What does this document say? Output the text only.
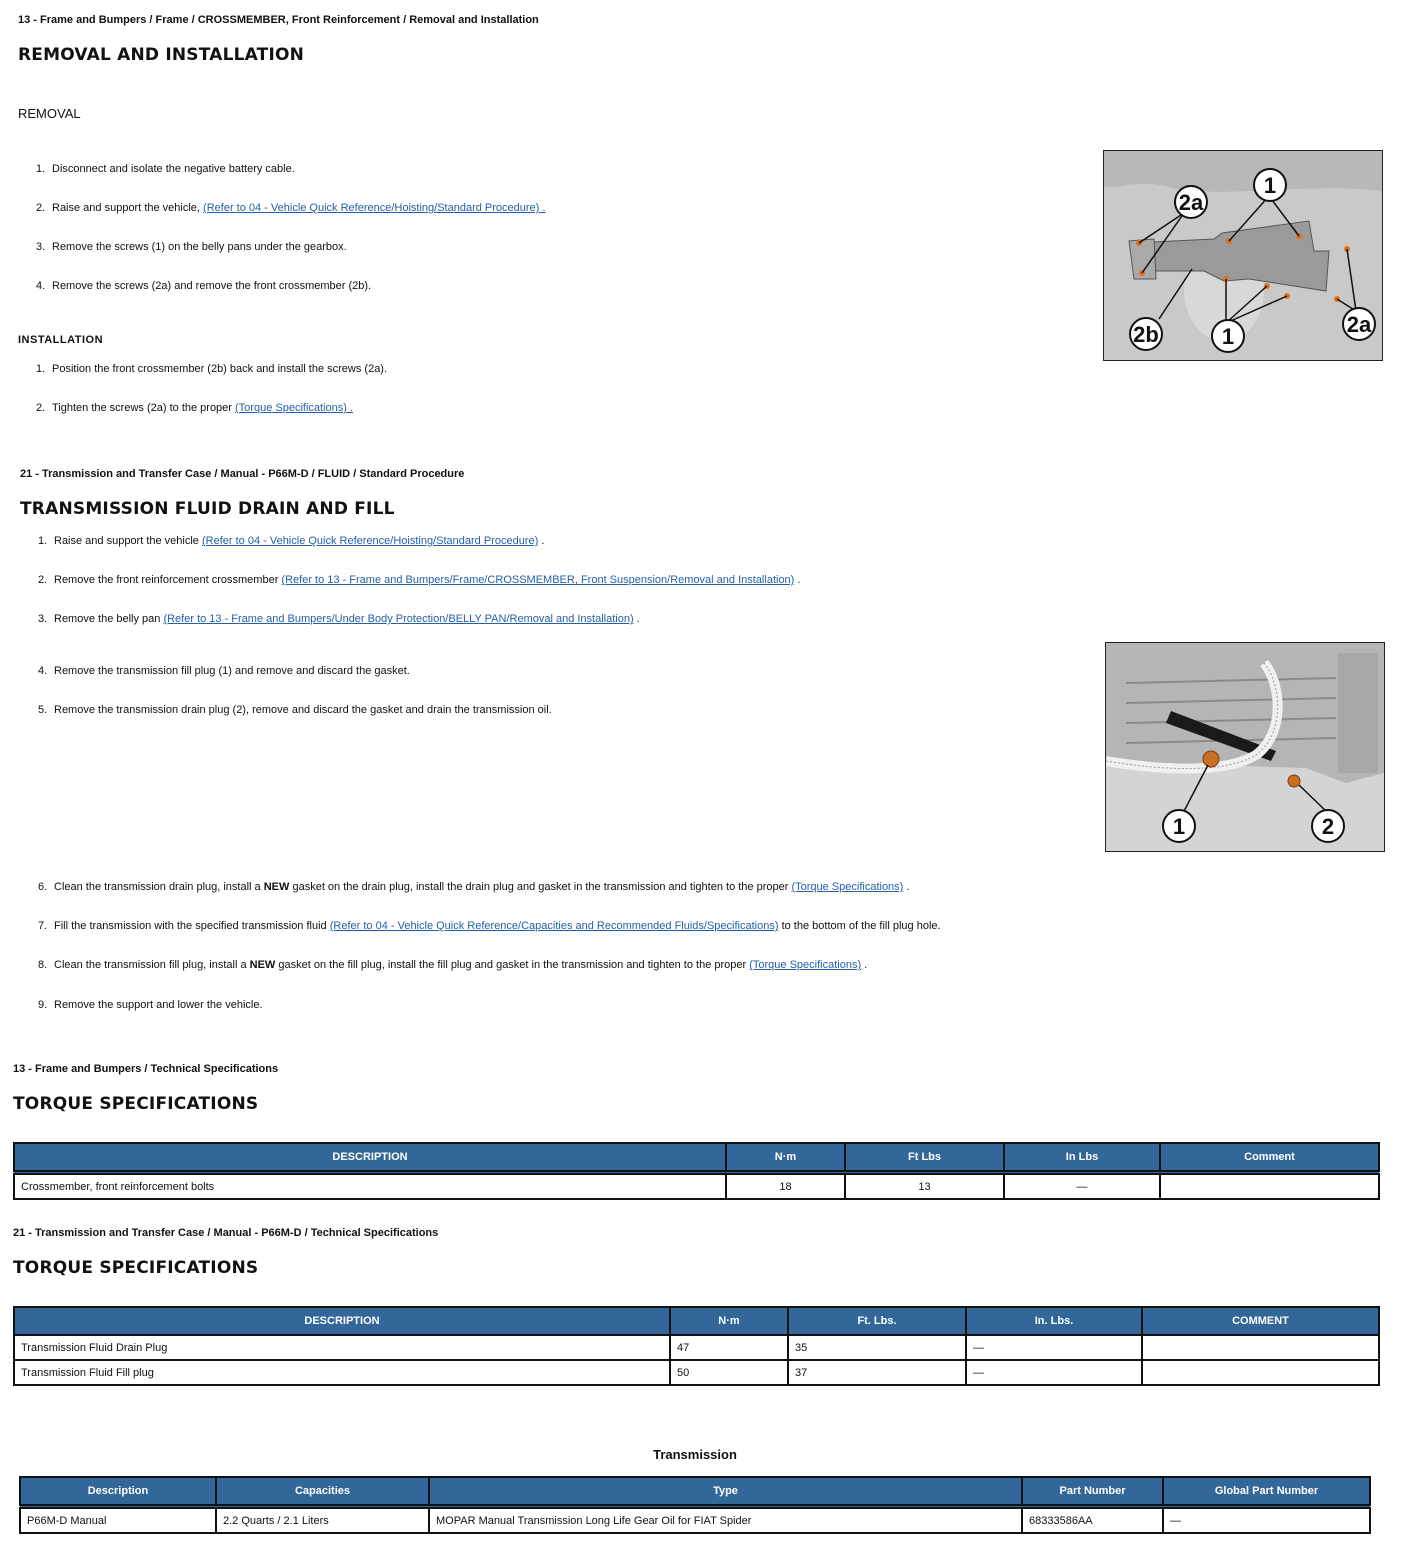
13 - Frame and Bumpers / Frame / CROSSMEMBER, Front Reinforcement / Removal and Installation
REMOVAL AND INSTALLATION
REMOVAL
1. Disconnect and isolate the negative battery cable.
2. Raise and support the vehicle, (Refer to 04 - Vehicle Quick Reference/Hoisting/Standard Procedure) .
3. Remove the screws (1) on the belly pans under the gearbox.
4. Remove the screws (2a) and remove the front crossmember (2b).
INSTALLATION
1. Position the front crossmember (2b) back and install the screws (2a).
2. Tighten the screws (2a) to the proper (Torque Specifications) .
2a
1
2b	1	2a
21 - Transmission and Transfer Case / Manual - P66M-D / FLUID / Standard Procedure
TRANSMISSION FLUID DRAIN AND FILL
1. Raise and support the vehicle (Refer to 04 - Vehicle Quick Reference/Hoisting/Standard Procedure) .
2. Remove the front reinforcement crossmember (Refer to 13 - Frame and Bumpers/Frame/CROSSMEMBER, Front Suspension/Removal and Installation) .
3. Remove the belly pan (Refer to 13 - Frame and Bumpers/Under Body Protection/BELLY PAN/Removal and Installation) .
4. Remove the transmission fill plug (1) and remove and discard the gasket.
5. Remove the transmission drain plug (2), remove and discard the gasket and drain the transmission oil.
1	2
6. Clean the transmission drain plug, install a NEW gasket on the drain plug, install the drain plug and gasket in the transmission and tighten to the proper (Torque Specifications) .
7. Fill the transmission with the specified transmission fluid (Refer to 04 - Vehicle Quick Reference/Capacities and Recommended Fluids/Specifications) to the bottom of the fill plug hole.
8. Clean the transmission fill plug, install a NEW gasket on the fill plug, install the fill plug and gasket in the transmission and tighten to the proper (Torque Specifications) .
9. Remove the support and lower the vehicle.
13 - Frame and Bumpers / Technical Specifications
TORQUE SPECIFICATIONS
DESCRIPTION	N·m	Ft Lbs	In Lbs	Comment
Crossmember, front reinforcement bolts	18	13	—	
21 - Transmission and Transfer Case / Manual - P66M-D / Technical Specifications
TORQUE SPECIFICATIONS
DESCRIPTION	N·m	Ft. Lbs.	In. Lbs.	COMMENT
Transmission Fluid Drain Plug	47	35	—	
Transmission Fluid Fill plug	50	37	—	
Transmission
Description	Capacities	Type	Part Number	Global Part Number
P66M-D Manual	2.2 Quarts / 2.1 Liters	MOPAR Manual Transmission Long Life Gear Oil for FIAT Spider	68333586AA	—
